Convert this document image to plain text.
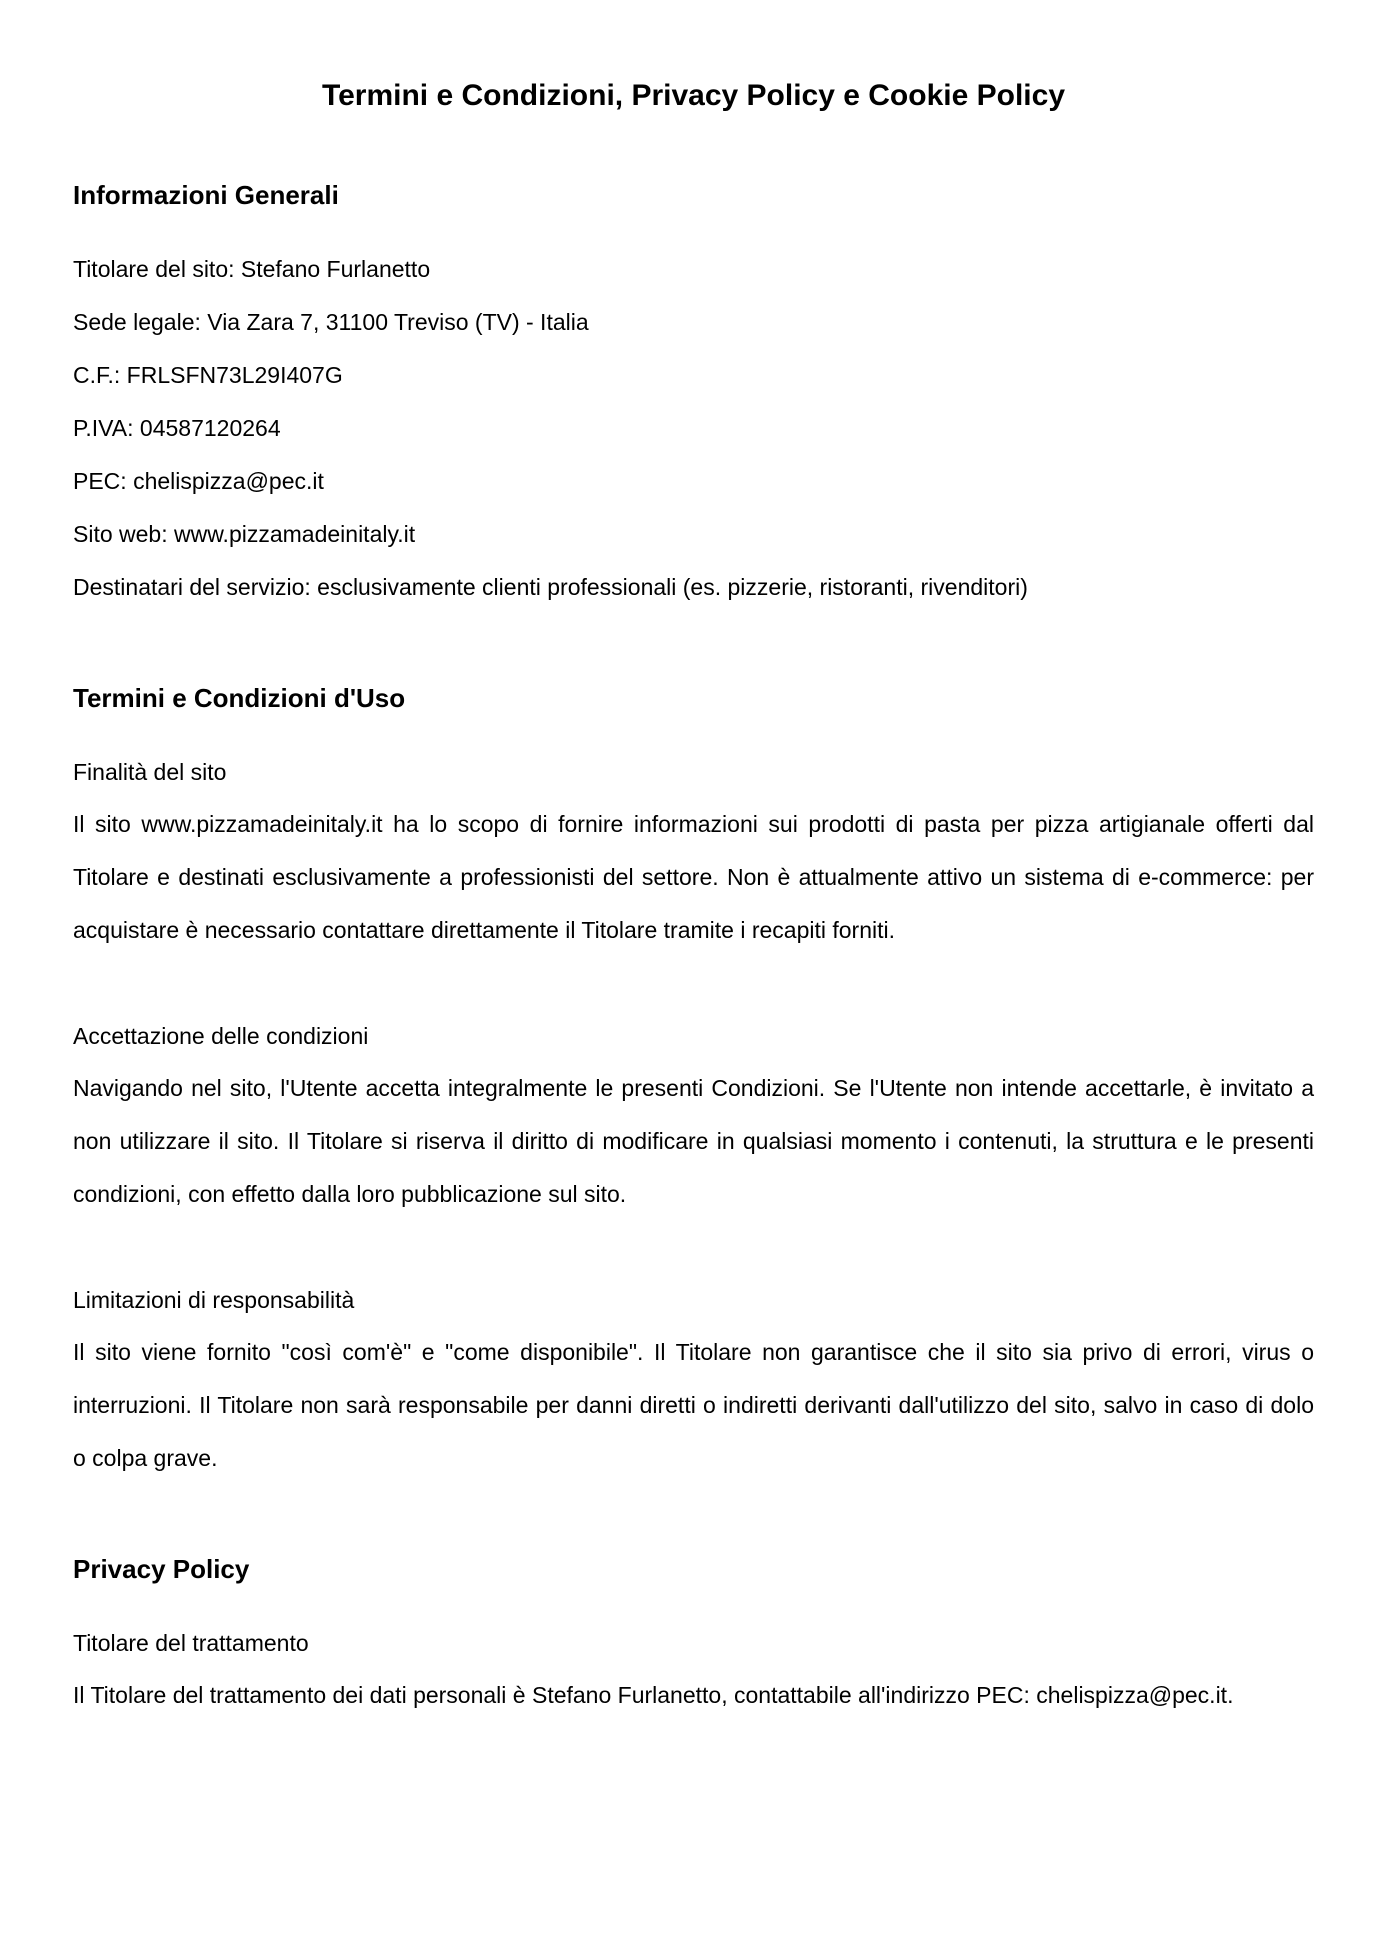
Termini e Condizioni, Privacy Policy e Cookie Policy
Informazioni Generali

Titolare del sito: Stefano Furlanetto

Sede legale: Via Zara 7, 31100 Treviso (TV) - Italia

C.F.: FRLSFN73L29I407G

P.IVA: 04587120264

PEC: chelispizza@pec.it

Sito web: www.pizzamadeinitaly.it

Destinatari del servizio: esclusivamente clienti professionali (es. pizzerie, ristoranti, rivenditori)

Termini e Condizioni d'Uso

Finalità del sito

Il sito www.pizzamadeinitaly.it ha lo scopo di fornire informazioni sui prodotti di pasta per pizza artigianale offerti dal Titolare e destinati esclusivamente a professionisti del settore. Non è attualmente attivo un sistema di e-commerce: per acquistare è necessario contattare direttamente il Titolare tramite i recapiti forniti.

Accettazione delle condizioni

Navigando nel sito, l'Utente accetta integralmente le presenti Condizioni. Se l'Utente non intende accettarle, è invitato a non utilizzare il sito. Il Titolare si riserva il diritto di modificare in qualsiasi momento i contenuti, la struttura e le presenti condizioni, con effetto dalla loro pubblicazione sul sito.

Limitazioni di responsabilità

Il sito viene fornito "così com'è" e "come disponibile". Il Titolare non garantisce che il sito sia privo di errori, virus o interruzioni. Il Titolare non sarà responsabile per danni diretti o indiretti derivanti dall'utilizzo del sito, salvo in caso di dolo o colpa grave.

Privacy Policy

Titolare del trattamento

Il Titolare del trattamento dei dati personali è Stefano Furlanetto, contattabile all'indirizzo PEC: chelispizza@pec.it.
